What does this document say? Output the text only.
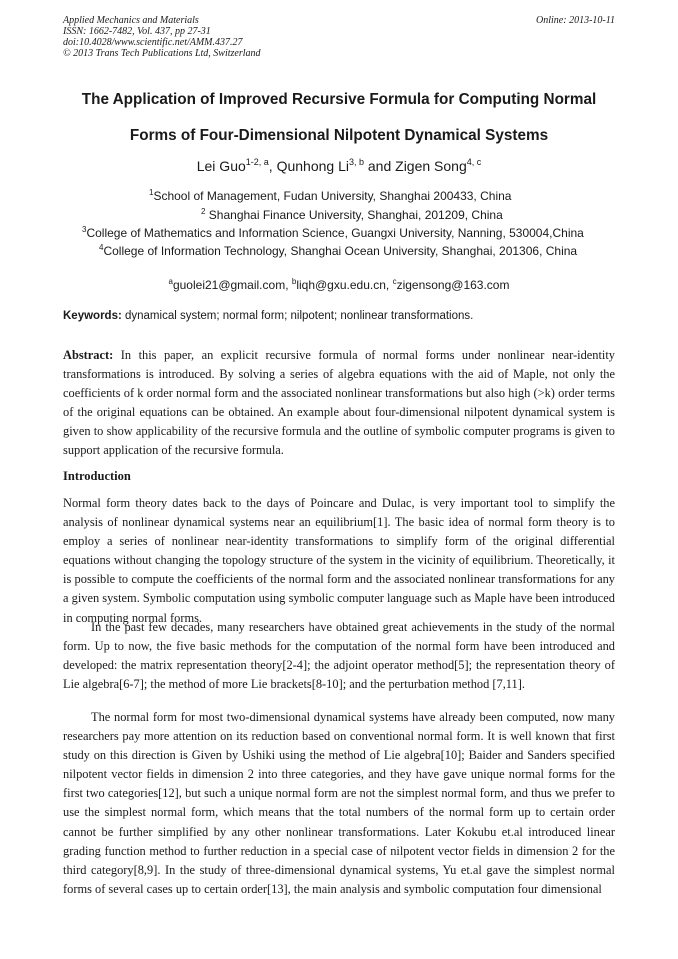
Applied Mechanics and Materials
ISSN: 1662-7482, Vol. 437, pp 27-31
doi:10.4028/www.scientific.net/AMM.437.27
© 2013 Trans Tech Publications Ltd, Switzerland
Online: 2013-10-11
The Application of Improved Recursive Formula for Computing Normal
Forms of Four-Dimensional Nilpotent Dynamical Systems
Lei Guo$^{1-2, a}$, Qunhong Li$^{3, b}$ and Zigen Song$^{4, c}$
$^1$School of Management, Fudan University, Shanghai 200433, China
$^2$ Shanghai Finance University, Shanghai, 201209, China
$^3$College of Mathematics and Information Science, Guangxi University, Nanning, 530004,China
$^4$College of Information Technology, Shanghai Ocean University, Shanghai, 201306, China
$^a$guolei21@gmail.com, $^b$liqh@gxu.edu.cn, $^c$zigensong@163.com
Keywords: dynamical system; normal form; nilpotent; nonlinear transformations.
Abstract: In this paper, an explicit recursive formula of normal forms under nonlinear near-identity transformations is introduced. By solving a series of algebra equations with the aid of Maple, not only the coefficients of k order normal form and the associated nonlinear transformations but also high (>k) order terms of the original equations can be obtained. An example about four-dimensional nilpotent dynamical system is given to show applicability of the recursive formula and the outline of symbolic computer programs is given to support application of the recursive formula.
Introduction
Normal form theory dates back to the days of Poincare and Dulac, is very important tool to simplify the analysis of nonlinear dynamical systems near an equilibrium[1]. The basic idea of normal form theory is to employ a series of nonlinear near-identity transformations to simplify form of the original differential equations without changing the topology structure of the system in the vicinity of equilibrium. Theoretically, it is possible to compute the coefficients of the normal form and the associated nonlinear transformations for any a given system. Symbolic computation using symbolic computer language such as Maple have been introduced in computing normal forms.
In the past few decades, many researchers have obtained great achievements in the study of the normal form. Up to now, the five basic methods for the computation of the normal form have been introduced and developed: the matrix representation theory[2-4]; the adjoint operator method[5]; the representation theory of Lie algebra[6-7]; the method of more Lie brackets[8-10]; and the perturbation method [7,11].
The normal form for most two-dimensional dynamical systems have already been computed, now many researchers pay more attention on its reduction based on conventional normal form. It is well known that first study on this direction is Given by Ushiki using the method of Lie algebra[10]; Baider and Sanders specified nilpotent vector fields in dimension 2 into three categories, and they have gave unique normal forms for the first two categories[12], but such a unique normal form are not the simplest normal form, and thus we prefer to use the simplest normal form, which means that the total numbers of the normal form up to certain order cannot be further simplified by any other nonlinear transformations. Later Kokubu et.al introduced linear grading function method to further reduction in a special case of nilpotent vector fields in dimension 2 for the third category[8,9]. In the study of three-dimensional dynamical systems, Yu et.al gave the simplest normal forms of several cases up to certain order[13], the main analysis and symbolic computation four dimensional
